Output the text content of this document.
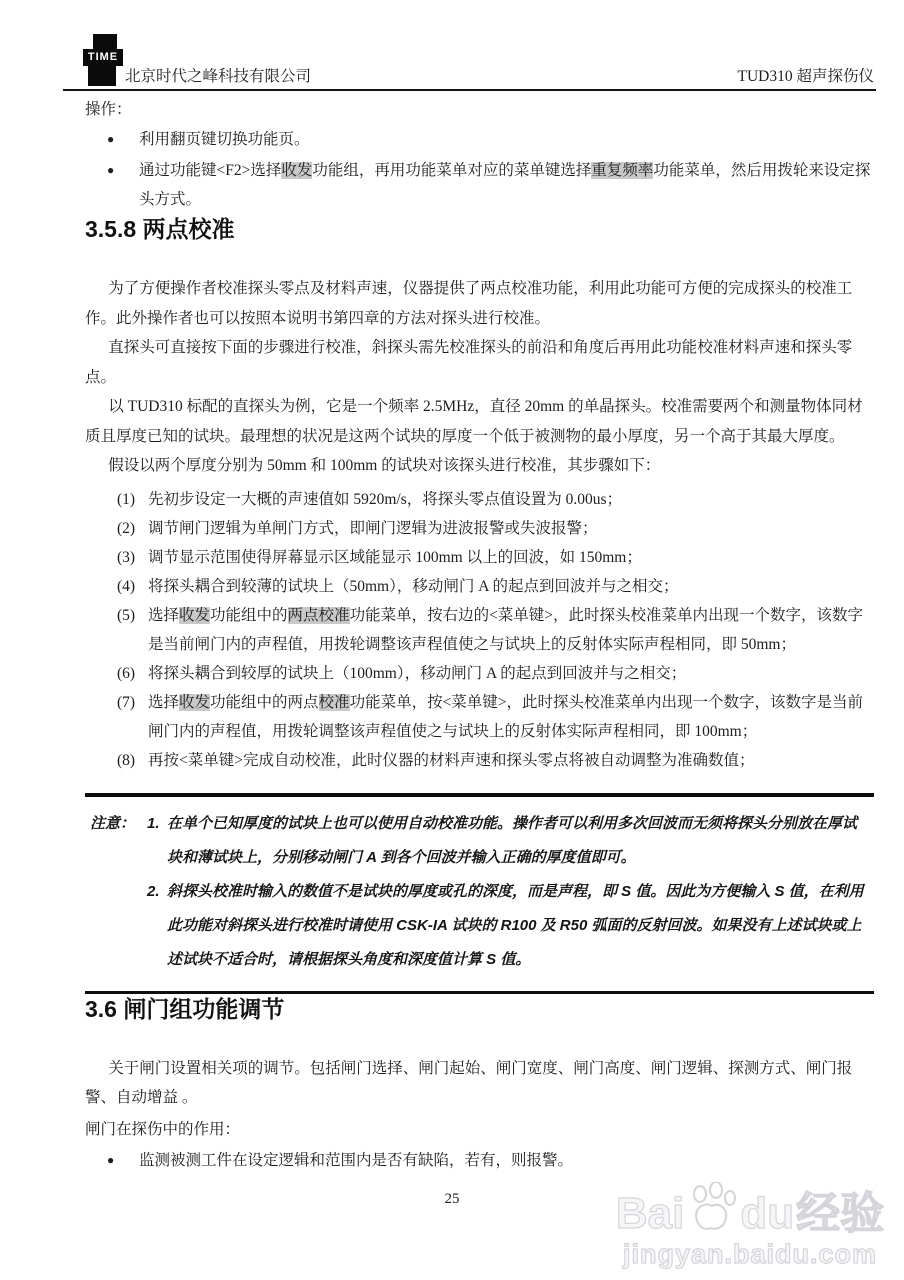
TIME
北京时代之峰科技有限公司	TUD310 超声探伤仪
操作：
●	利用翻页键切换功能页。
●	通过功能键<F2>选择收发功能组，再用功能菜单对应的菜单键选择重复频率功能菜单，然后用拨轮来设定探头方式。
3.5.8 两点校准

为了方便操作者校准探头零点及材料声速，仪器提供了两点校准功能，利用此功能可方便的完成探头的校准工作。此外操作者也可以按照本说明书第四章的方法对探头进行校准。

直探头可直接按下面的步骤进行校准，斜探头需先校准探头的前沿和角度后再用此功能校准材料声速和探头零点。

以 TUD310 标配的直探头为例，它是一个频率 2.5MHz，直径 20mm 的单晶探头。校准需要两个和测量物体同材质且厚度已知的试块。最理想的状况是这两个试块的厚度一个低于被测物的最小厚度，另一个高于其最大厚度。

假设以两个厚度分别为 50mm 和 100mm 的试块对该探头进行校准，其步骤如下：

(1) 先初步设定一大概的声速值如 5920m/s，将探头零点值设置为 0.00us；
(2) 调节闸门逻辑为单闸门方式，即闸门逻辑为进波报警或失波报警；
(3) 调节显示范围使得屏幕显示区域能显示 100mm 以上的回波，如 150mm；
(4) 将探头耦合到较薄的试块上（50mm），移动闸门 A 的起点到回波并与之相交；
(5) 选择收发功能组中的两点校准功能菜单，按右边的<菜单键>，此时探头校准菜单内出现一个数字，该数字是当前闸门内的声程值，用拨轮调整该声程值使之与试块上的反射体实际声程相同，即 50mm；
(6) 将探头耦合到较厚的试块上（100mm），移动闸门 A 的起点到回波并与之相交；
(7) 选择收发功能组中的两点校准功能菜单，按<菜单键>，此时探头校准菜单内出现一个数字，该数字是当前闸门内的声程值，用拨轮调整该声程值使之与试块上的反射体实际声程相同，即 100mm；
(8) 再按<菜单键>完成自动校准，此时仪器的材料声速和探头零点将被自动调整为准确数值；
注意： 1. 在单个已知厚度的试块上也可以使用自动校准功能。操作者可以利用多次回波而无须将探头分别放在厚试块和薄试块上，分别移动闸门 A 到各个回波并输入正确的厚度值即可。
2. 斜探头校准时输入的数值不是试块的厚度或孔的深度，而是声程，即 S 值。因此为方便输入 S 值，在利用此功能对斜探头进行校准时请使用 CSK-IA 试块的 R100 及 R50 弧面的反射回波。如果没有上述试块或上述试块不适合时，请根据探头角度和深度值计算 S 值。
3.6 闸门组功能调节

关于闸门设置相关项的调节。包括闸门选择、闸门起始、闸门宽度、闸门高度、闸门逻辑、探测方式、闸门报警、自动增益 。

闸门在探伤中的作用：
●	监测被测工件在设定逻辑和范围内是否有缺陷，若有，则报警。
25	Bai du 经验
jingyan.baidu.com
